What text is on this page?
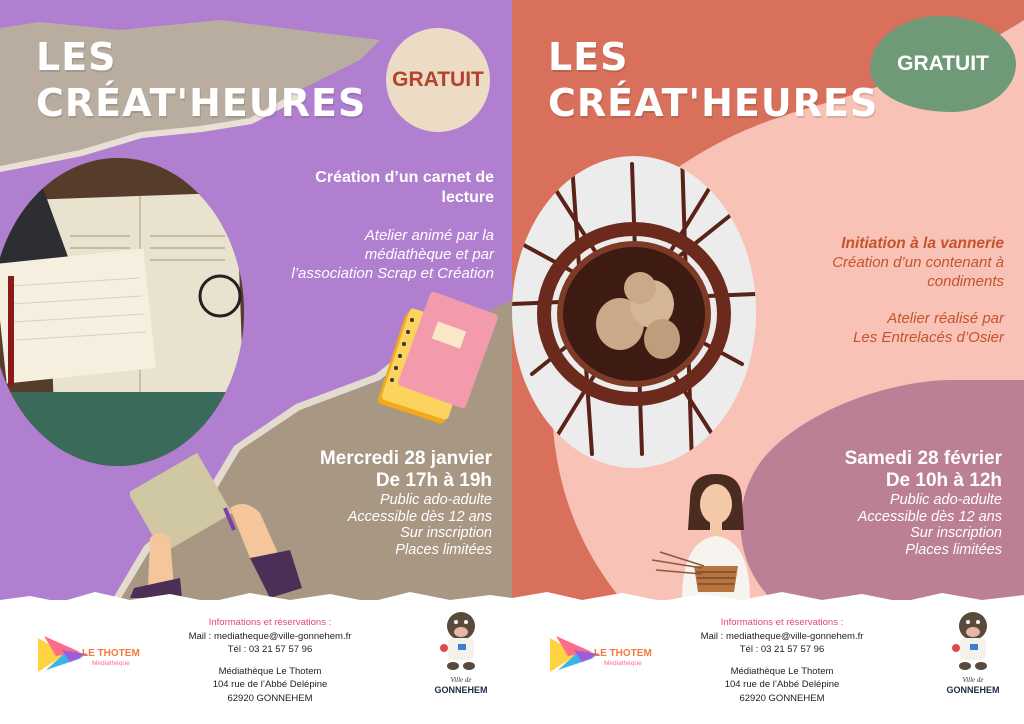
LES
CRÉAT'HEURES
GRATUIT
Création d’un carnet de
lecture
Atelier animé par la
médiathèque et par
l’association Scrap et Création
Mercredi 28 janvier
De 17h à 19h
Public ado-adulte
Accessible dès 12 ans
Sur inscription
Places limitées
LE THOTEM
Médiathèque
Informations et réservations :
Mail : mediatheque@ville-gonnehem.fr
Tél : 03 21 57 57 96
Médiathèque Le Thotem
104 rue de l’Abbé Delépine
62920 GONNEHEM
Ville de
GONNEHEM
LES
CRÉAT'HEURES
GRATUIT
Initiation à la vannerie
Création d’un contenant à
condiments
Atelier réalisé par
Les Entrelacés d’Osier
Samedi 28 février
De 10h à 12h
Public ado-adulte
Accessible dès 12 ans
Sur inscription
Places limitées
LE THOTEM
Médiathèque
Informations et réservations :
Mail : mediatheque@ville-gonnehem.fr
Tél : 03 21 57 57 96
Médiathèque Le Thotem
104 rue de l’Abbé Delépine
62920 GONNEHEM
Ville de
GONNEHEM
